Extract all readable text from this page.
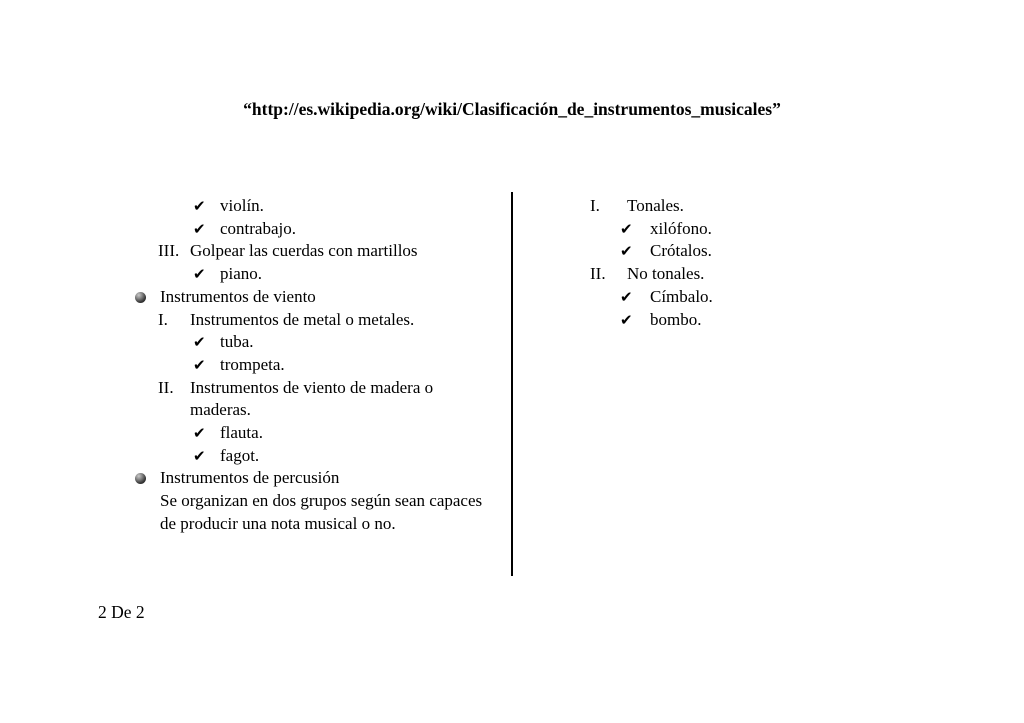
“http://es.wikipedia.org/wiki/Clasificación_de_instrumentos_musicales”
✔ violín.
✔ contrabajo.
III. Golpear las cuerdas con martillos
✔ piano.
Instrumentos de viento
I.	Instrumentos de metal o metales.
✔ tuba.
✔ trompeta.
II. Instrumentos de viento de madera o maderas.
✔ flauta.
✔ fagot.
Instrumentos de percusión
Se organizan en dos grupos según sean capaces de producir una nota musical o no.
I.	Tonales.
✔	xilófono.
✔	Crótalos.
II.	No tonales.
✔	Címbalo.
✔	bombo.
2 De 2
